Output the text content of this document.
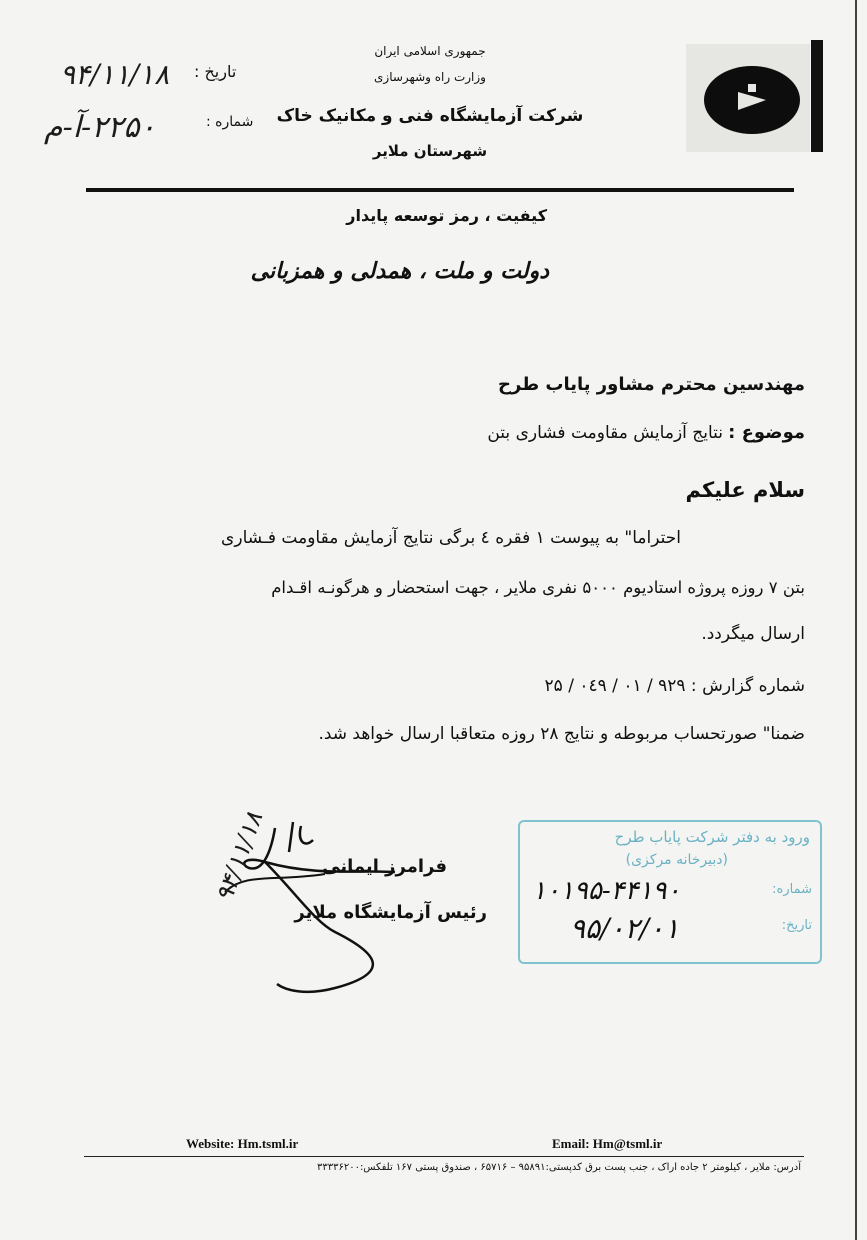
جمهوری اسلامی ایران
وزارت راه وشهرسازی
شرکت آزمایشگاه فنی و مکانیک خاک
شهرستان ملایر
تاریخ :
۹۴/۱۱/۱۸
شماره :
۲۲۵۰-آ-م
کیفیت ، رمز توسعه پایدار
دولت و ملت ، همدلی و همزبانی
مهندسین محترم مشاور پایاب طرح
موضوع : نتایج آزمایش مقاومت فشاری بتن
سلام علیکم
احتراما" به پیوست ۱ فقره ٤ برگی نتایج آزمایش مقاومت فـشاری
بتن ۷ روزه پروژه استادیوم ۵۰۰۰ نفری ملایر ، جهت استحضار و هرگونـه اقـدام
ارسال میگردد.
شماره گزارش : ۹۲۹ / ۰۱ / ۰٤۹ / ۲۵
ضمنا" صورتحساب مربوطه و نتایج ۲۸ روزه متعاقبا ارسال خواهد شد.
فرامرز ایمانی
رئیس آزمایشگاه ملایر
۹۴/۱۱/۱۸	ورود به دفتر شرکت پایاب طرح
(دبیرخانه مرکزی)
شماره:
۱۰۱۹۵-۴۴۱۹۰
تاریخ:
۹۵/۰۲/۰۱
Website: Hm.tsml.ir	Email: Hm@tsml.ir
آدرس: ملایر ، کیلومتر ۲ جاده اراک ، جنب پست برق کدپستی:۹۵۸۹۱ – ۶۵۷۱۶ ، صندوق پستی ۱۶۷ تلفکس:۳۳۳۳۶۲۰۰
